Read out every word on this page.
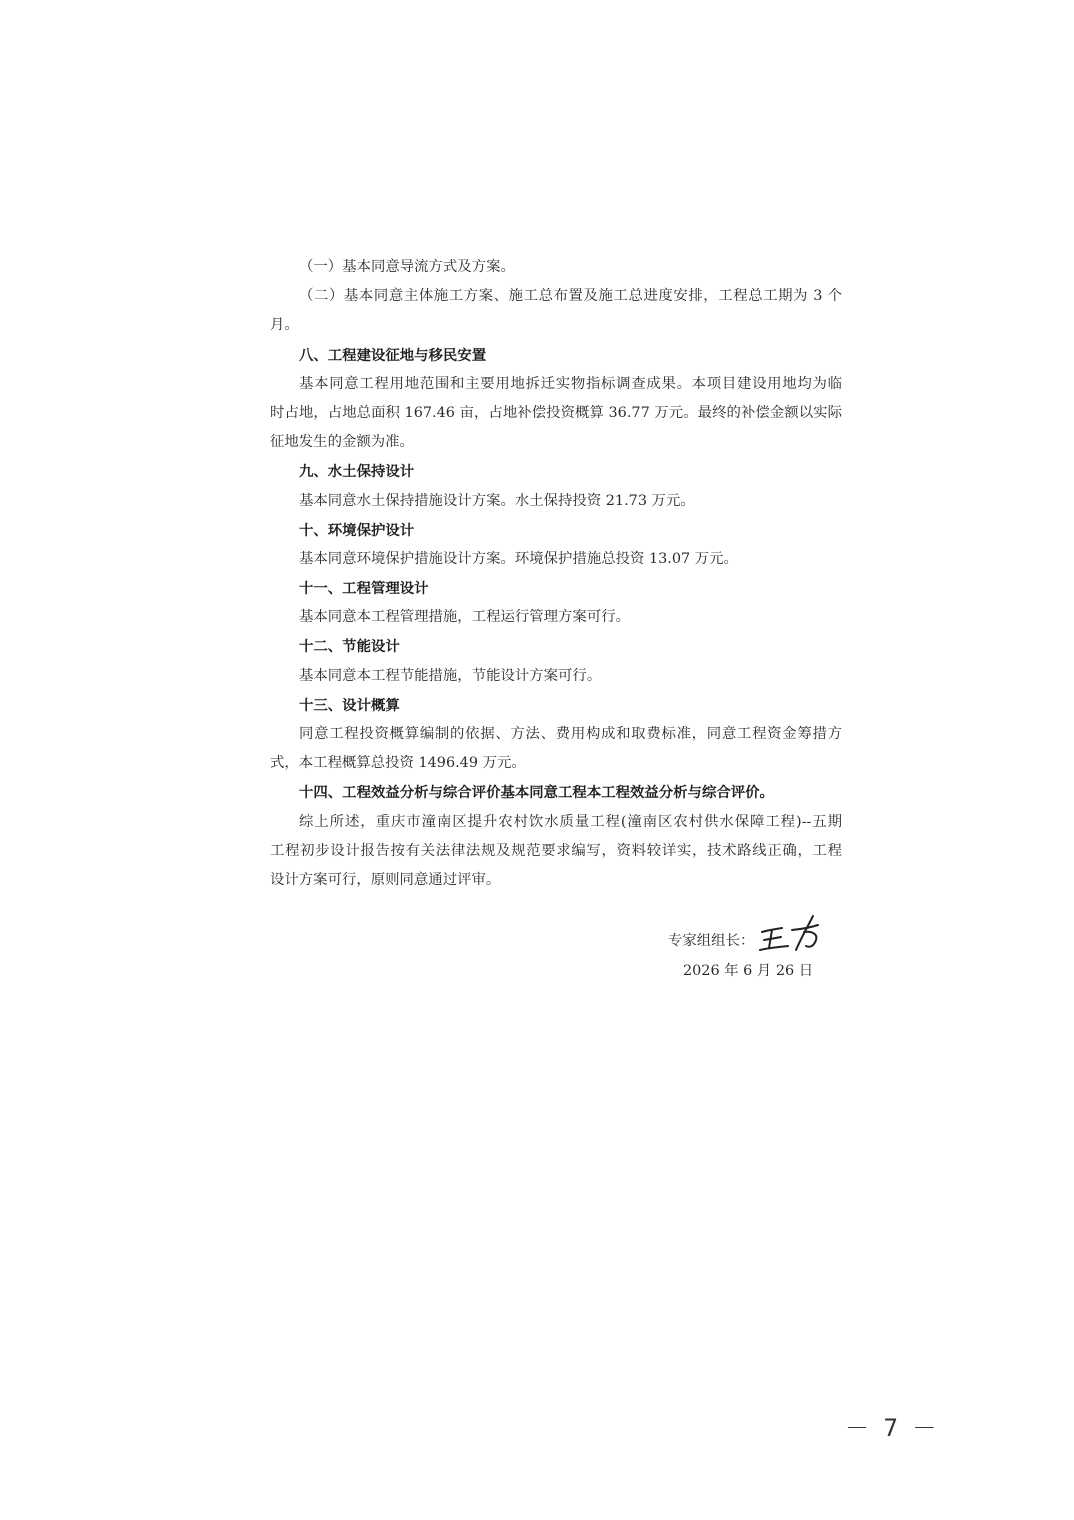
（一）基本同意导流方式及方案。
（二）基本同意主体施工方案、施工总布置及施工总进度安排，工程总工期为 3 个
月。
八、工程建设征地与移民安置
基本同意工程用地范围和主要用地拆迁实物指标调查成果。本项目建设用地均为临
时占地，占地总面积 167.46 亩，占地补偿投资概算 36.77 万元。最终的补偿金额以实际
征地发生的金额为准。
九、水土保持设计
基本同意水土保持措施设计方案。水土保持投资 21.73 万元。
十、环境保护设计
基本同意环境保护措施设计方案。环境保护措施总投资 13.07 万元。
十一、工程管理设计
基本同意本工程管理措施，工程运行管理方案可行。
十二、节能设计
基本同意本工程节能措施，节能设计方案可行。
十三、设计概算
同意工程投资概算编制的依据、方法、费用构成和取费标准，同意工程资金筹措方
式，本工程概算总投资 1496.49 万元。
十四、工程效益分析与综合评价基本同意工程本工程效益分析与综合评价。
综上所述，重庆市潼南区提升农村饮水质量工程(潼南区农村供水保障工程)--五期
工程初步设计报告按有关法律法规及规范要求编写，资料较详实，技术路线正确，工程
设计方案可行，原则同意通过评审。
专家组组长：
2026 年 6 月 26 日
－ 7 －
